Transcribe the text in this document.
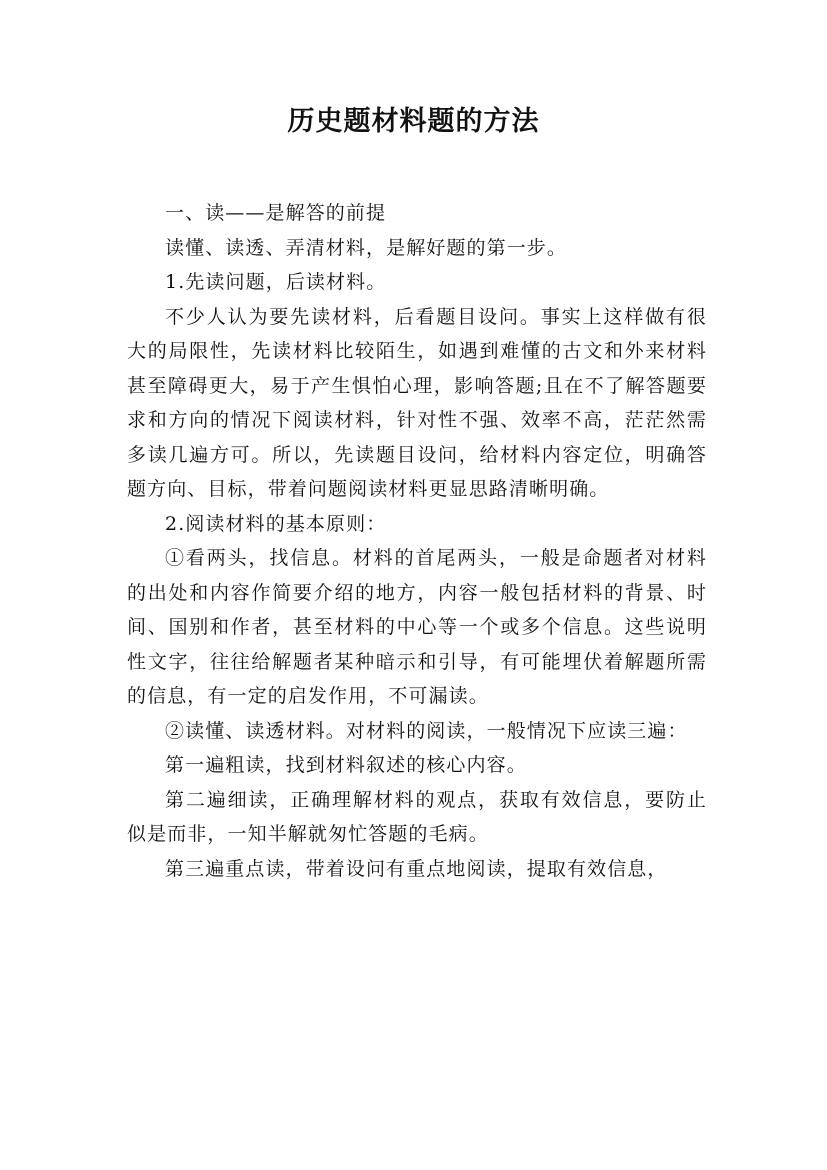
历史题材料题的方法

一、读——是解答的前提

读懂、读透、弄清材料，是解好题的第一步。

1.先读问题，后读材料。

不少人认为要先读材料，后看题目设问。事实上这样做有很大的局限性，先读材料比较陌生，如遇到难懂的古文和外来材料甚至障碍更大，易于产生惧怕心理，影响答题;且在不了解答题要求和方向的情况下阅读材料，针对性不强、效率不高，茫茫然需多读几遍方可。所以，先读题目设问，给材料内容定位，明确答题方向、目标，带着问题阅读材料更显思路清晰明确。

2.阅读材料的基本原则：

①看两头，找信息。材料的首尾两头，一般是命题者对材料的出处和内容作简要介绍的地方，内容一般包括材料的背景、时间、国别和作者，甚至材料的中心等一个或多个信息。这些说明性文字，往往给解题者某种暗示和引导，有可能埋伏着解题所需的信息，有一定的启发作用，不可漏读。

②读懂、读透材料。对材料的阅读，一般情况下应读三遍：

第一遍粗读，找到材料叙述的核心内容。

第二遍细读，正确理解材料的观点，获取有效信息，要防止似是而非，一知半解就匆忙答题的毛病。

第三遍重点读，带着设问有重点地阅读，提取有效信息，
